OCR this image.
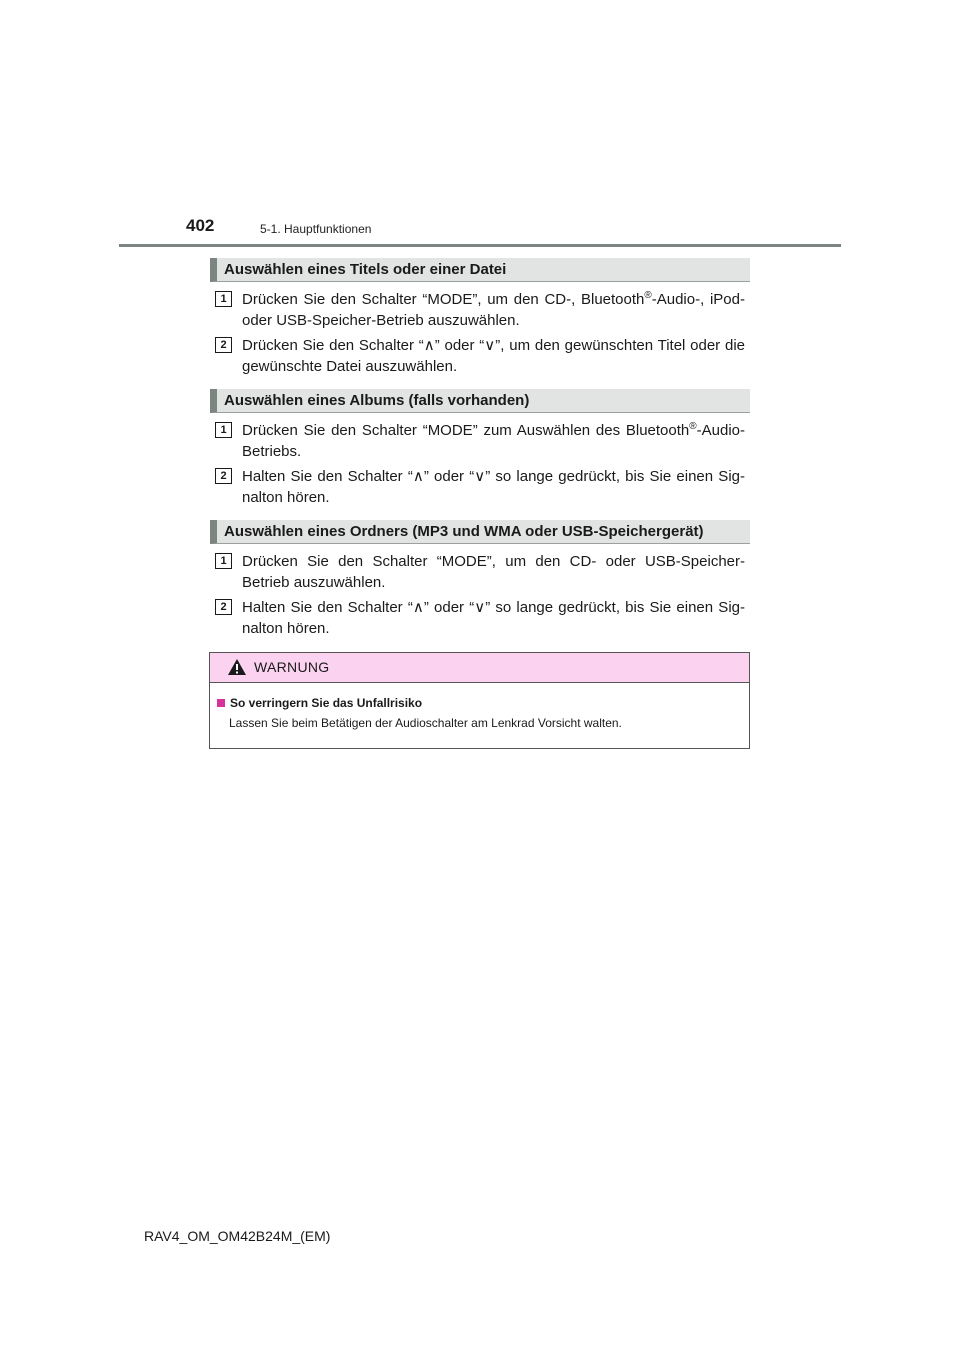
402	5-1. Hauptfunktionen
Auswählen eines Titels oder einer Datei
1	Drücken Sie den Schalter “MODE”, um den CD-, Bluetooth®-Audio-, iPod- oder USB-Speicher-Betrieb auszuwählen.
2	Drücken Sie den Schalter “∧” oder “∨”, um den gewünschten Titel oder die gewünschte Datei auszuwählen.
Auswählen eines Albums (falls vorhanden)
1	Drücken Sie den Schalter “MODE” zum Auswählen des Bluetooth®-Audio-Betriebs.
2	Halten Sie den Schalter “∧” oder “∨” so lange gedrückt, bis Sie einen Sig-nalton hören.
Auswählen eines Ordners (MP3 und WMA oder USB-Speichergerät)
1	Drücken Sie den Schalter “MODE”, um den CD- oder USB-Speicher-Betrieb auszuwählen.
2	Halten Sie den Schalter “∧” oder “∨” so lange gedrückt, bis Sie einen Sig-nalton hören.
WARNUNG
So verringern Sie das Unfallrisiko
Lassen Sie beim Betätigen der Audioschalter am Lenkrad Vorsicht walten.
RAV4_OM_OM42B24M_(EM)
